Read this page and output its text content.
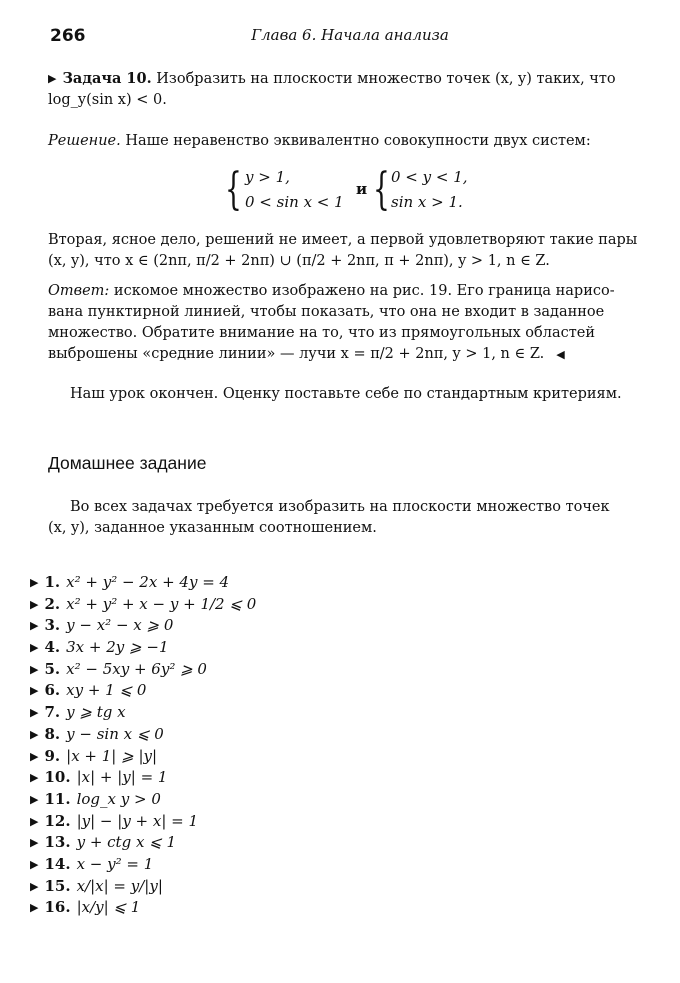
266	Глава 6. Начала анализа
▶ Задача 10. Изобразить на плоскости множество точек (x, y) таких, что
log_y(sin x) < 0.
Решение. Наше неравенство эквивалентно совокупности двух систем:
{ y > 1,
0 < sin x < 1
и { 0 < y < 1,
sin x > 1.
Вторая, ясное дело, решений не имеет, а первой удовлетворяют такие пары
(x, y), что x ∈ (2nπ, π/2 + 2nπ) ∪ (π/2 + 2nπ, π + 2nπ), y > 1, n ∈ Z.
Ответ: искомое множество изображено на рис. 19. Его граница нарисо-
вана пунктирной линией, чтобы показать, что она не входит в заданное
множество. Обратите внимание на то, что из прямоугольных областей
выброшены «средние линии» — лучи x = π/2 + 2nπ, y > 1, n ∈ Z. ◀
Наш урок окончен. Оценку поставьте себе по стандартным критериям.
Домашнее задание
Во всех задачах требуется изобразить на плоскости множество точек
(x, y), заданное указанным соотношением.
▶ 1. x² + y² − 2x + 4y = 4
▶ 2. x² + y² + x − y + 1/2 ⩽ 0
▶ 3. y − x² − x ⩾ 0
▶ 4. 3x + 2y ⩾ −1
▶ 5. x² − 5xy + 6y² ⩾ 0
▶ 6. xy + 1 ⩽ 0
▶ 7. y ⩾ tg x
▶ 8. y − sin x ⩽ 0
▶ 9. |x + 1| ⩾ |y|
▶ 10. |x| + |y| = 1
▶ 11. log_x y > 0
▶ 12. |y| − |y + x| = 1
▶ 13. y + ctg x ⩽ 1
▶ 14. x − y² = 1
▶ 15. x/|x| = y/|y|
▶ 16. |x/y| ⩽ 1
